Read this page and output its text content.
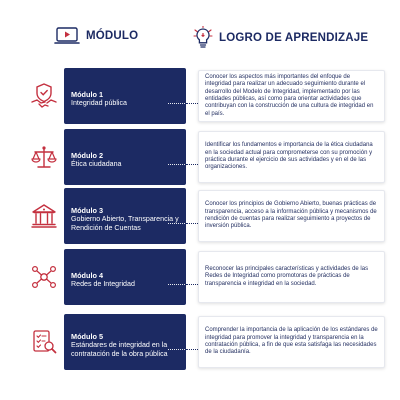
MÓDULO	LOGRO DE APRENDIZAJE
Módulo 1
Integridad pública
Conocer los aspectos más importantes del enfoque de integridad para realizar un adecuado seguimiento durante el desarrollo del Modelo de Integridad, implementado por las entidades públicas, así como para orientar actividades que contribuyan con la construcción de una cultura de integridad en el país.
Módulo 2
Ética ciudadana
Identificar los fundamentos e importancia de la ética ciudadana en la sociedad actual para comprometerse con su promoción y práctica durante el ejercicio de sus actividades y en el de las organizaciones.
Módulo 3
Gobierno Abierto, Transparencia y Rendición de Cuentas
Conocer los principios de Gobierno Abierto, buenas prácticas de transparencia, acceso a la información pública y mecanismos de rendición de cuentas para realizar seguimiento a proyectos de inversión pública.
Módulo 4
Redes de Integridad
Reconocer las principales características y actividades de las Redes de Integridad como promotoras de prácticas de transparencia e integridad en la sociedad.
Módulo 5
Estándares de integridad en la contratación de la obra pública
Comprender la importancia de la aplicación de los estándares de integridad para promover la integridad y transparencia en la contratación pública, a fin de que esta satisfaga las necesidades de la ciudadanía.
